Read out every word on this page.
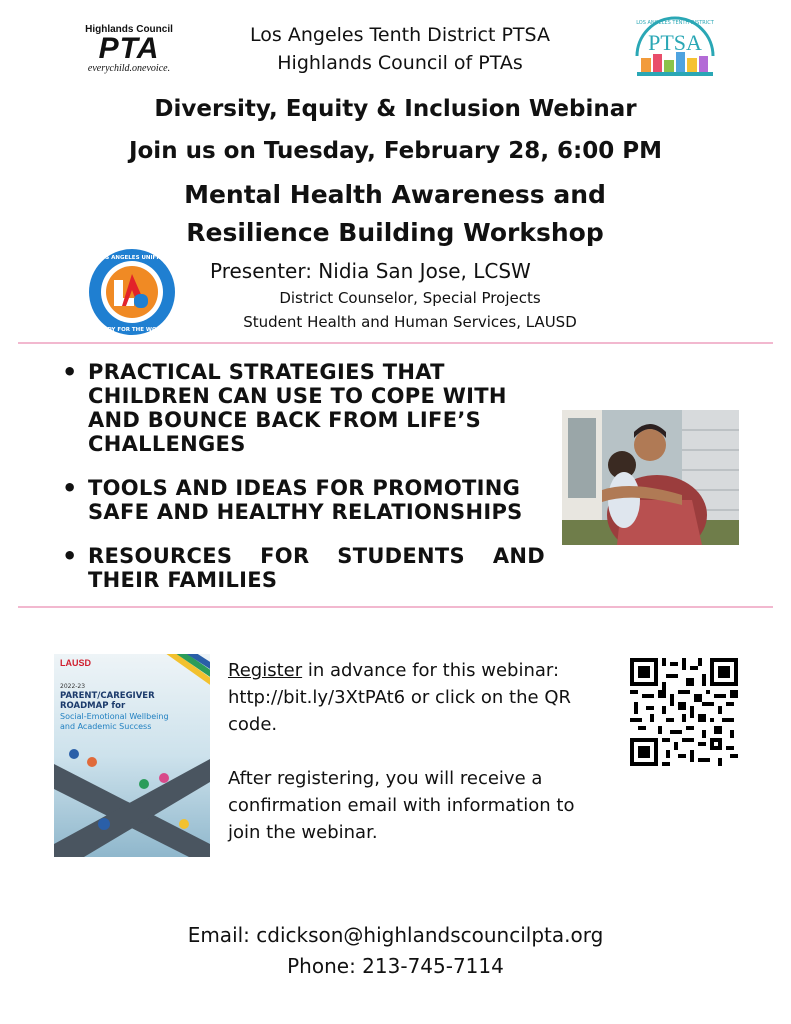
Highlands Council
PTA
everychild.onevoice.
Los Angeles Tenth District PTSA
Highlands Council of PTAs
PTSA
LOS ANGELES TENTH DISTRICT
Diversity, Equity & Inclusion Webinar
Join us on Tuesday, February 28, 6:00 PM
Mental Health Awareness and
Resilience Building Workshop
LOS ANGELES UNIFIED
READY FOR THE WORLD
Presenter: Nidia San Jose, LCSW
District Counselor, Special Projects
Student Health and Human Services, LAUSD
• PRACTICAL STRATEGIES THAT CHILDREN CAN USE TO COPE WITH AND BOUNCE BACK FROM LIFE’S CHALLENGES
• TOOLS AND IDEAS FOR PROMOTING SAFE AND HEALTHY RELATIONSHIPS
• RESOURCES FOR STUDENTS AND THEIR FAMILIES
LAUSD
2022-23
PARENT/CAREGIVER
ROADMAP for
Social-Emotional Wellbeing
and Academic Success
Register in advance for this webinar:
http://bit.ly/3XtPAt6 or click on the QR
code.
After registering, you will receive a
confirmation email with information to
join the webinar.
Email: cdickson@highlandscouncilpta.org
Phone: 213-745-7114
